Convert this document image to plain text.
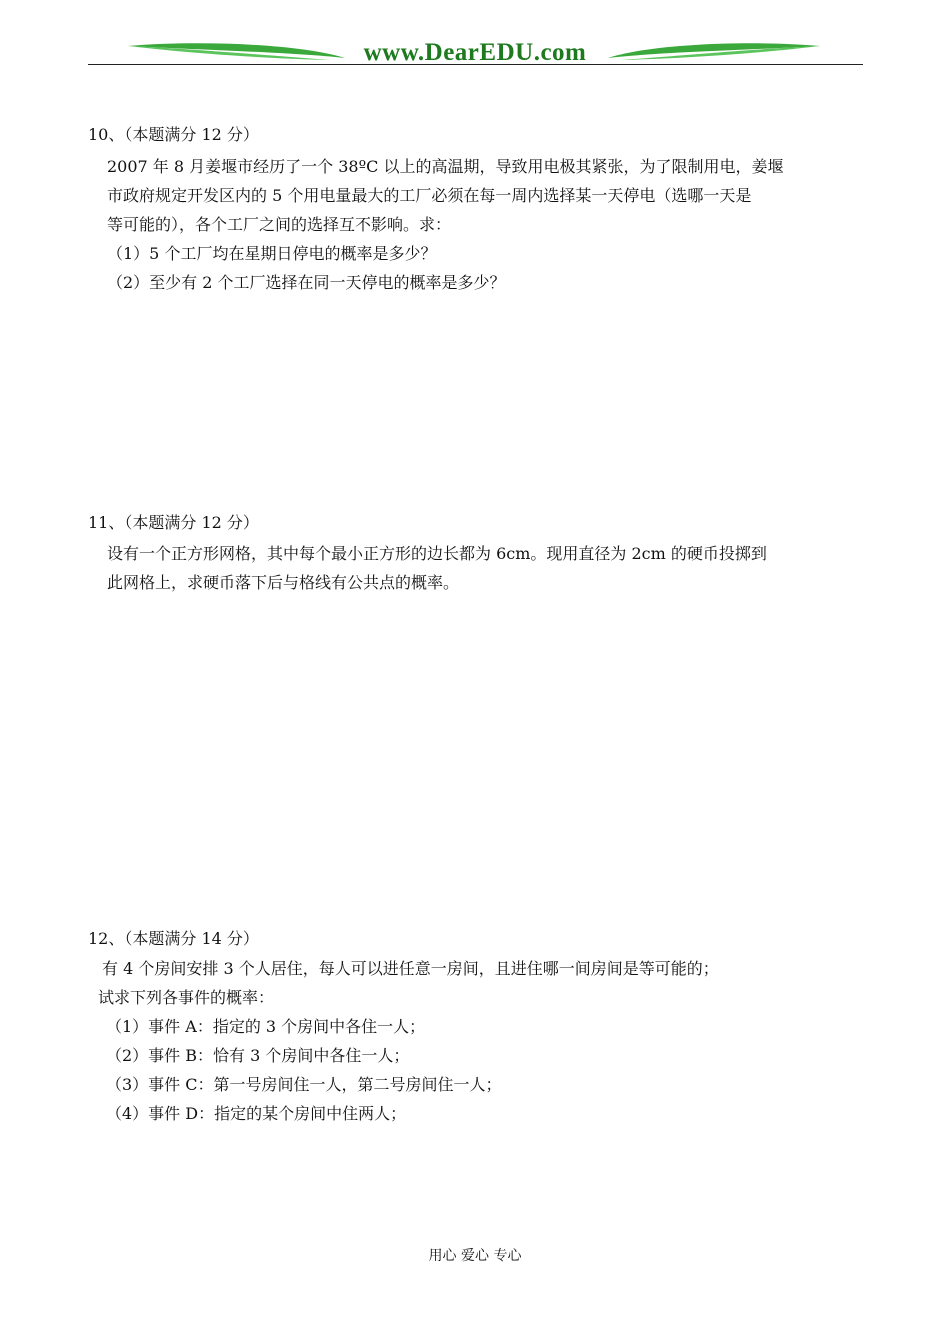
www.DearEDU.com
10、（本题满分 12 分）
2007 年 8 月姜堰市经历了一个 38ºC 以上的高温期，导致用电极其紧张，为了限制用电，姜堰
市政府规定开发区内的 5 个用电量最大的工厂必须在每一周内选择某一天停电（选哪一天是
等可能的），各个工厂之间的选择互不影响。求：
（1）5 个工厂均在星期日停电的概率是多少？
（2）至少有 2 个工厂选择在同一天停电的概率是多少？
11、（本题满分 12 分）
设有一个正方形网格，其中每个最小正方形的边长都为 6cm。现用直径为 2cm 的硬币投掷到
此网格上，求硬币落下后与格线有公共点的概率。
12、（本题满分 14 分）
有 4 个房间安排 3 个人居住，每人可以进任意一房间，且进住哪一间房间是等可能的；
试求下列各事件的概率：
（1）事件 A：指定的 3 个房间中各住一人；
（2）事件 B：恰有 3 个房间中各住一人；
（3）事件 C：第一号房间住一人，第二号房间住一人；
（4）事件 D：指定的某个房间中住两人；
用心 爱心 专心
